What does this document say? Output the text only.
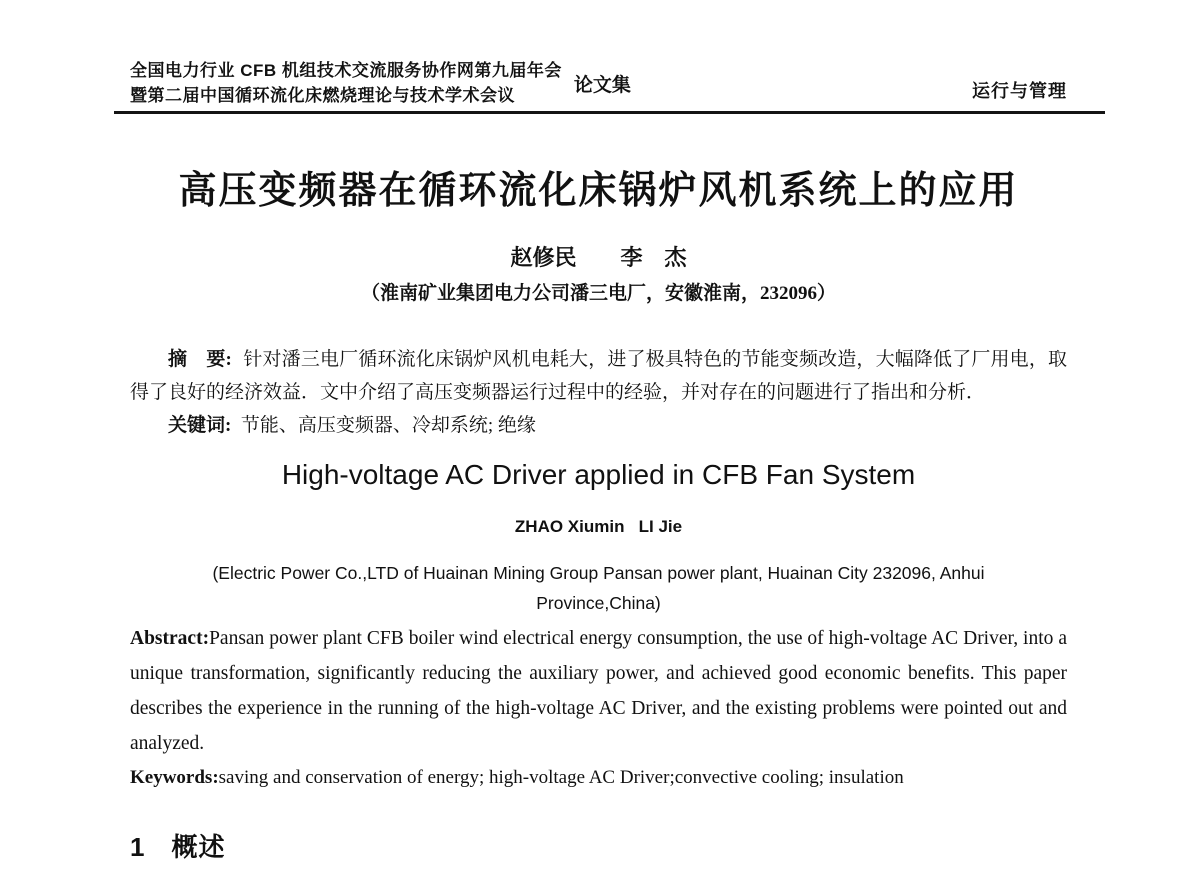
全国电力行业 CFB 机组技术交流服务协作网第九届年会
暨第二届中国循环流化床燃烧理论与技术学术会议	论文集	运行与管理
高压变频器在循环流化床锅炉风机系统上的应用
赵修民　　李　杰
（淮南矿业集团电力公司潘三电厂，安徽淮南，232096）

摘　要: 针对潘三电厂循环流化床锅炉风机电耗大，进了极具特色的节能变频改造，大幅降低了厂用电，取得了良好的经济效益．文中介绍了高压变频器运行过程中的经验，并对存在的问题进行了指出和分析．

关键词: 节能、高压变频器、冷却系统; 绝缘

High-voltage AC Driver applied in CFB Fan System
ZHAO Xiumin   LI Jie
(Electric Power Co.,LTD of Huainan Mining Group Pansan power plant, Huainan City 232096, Anhui
Province,China)

Abstract:Pansan power plant CFB boiler wind electrical energy consumption, the use of high-voltage AC Driver, into a unique transformation, significantly reducing the auxiliary power, and achieved good economic benefits. This paper describes the experience in the running of the high-voltage AC Driver, and the existing problems were pointed out and analyzed.

Keywords:saving and conservation of energy; high-voltage AC Driver;convective cooling; insulation

1 概述
